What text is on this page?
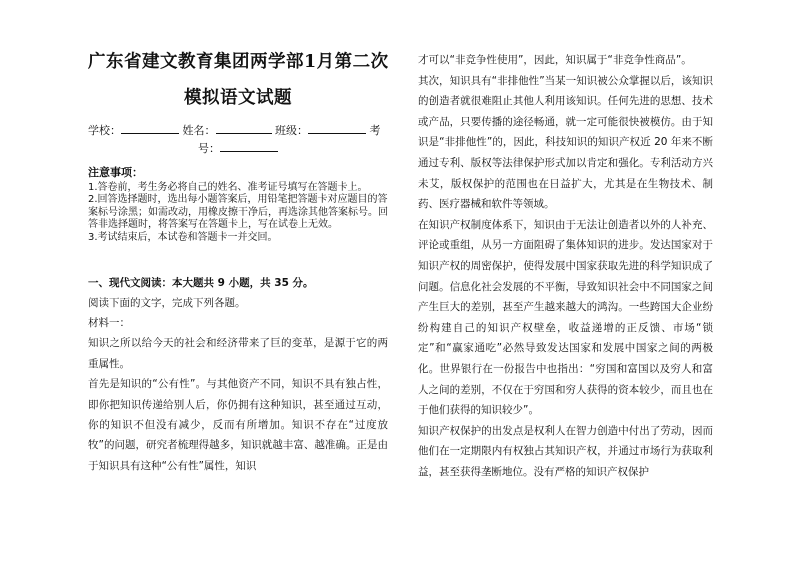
广东省建文教育集团两学部1月第二次
模拟语文试题
学校：	姓名：	班级：	考
号：
注意事项：

1.答卷前，考生务必将自己的姓名、准考证号填写在答题卡上。

2.回答选择题时，选出每小题答案后，用铅笔把答题卡对应题目的答案标号涂黑；如需改动，用橡皮擦干净后，再选涂其他答案标号。回答非选择题时，将答案写在答题卡上，写在试卷上无效。

3.考试结束后，本试卷和答题卡一并交回。

一、现代文阅读：本大题共 9 小题，共 35 分。

阅读下面的文字，完成下列各题。

材料一：

知识之所以给今天的社会和经济带来了巨的变革，是源于它的两重属性。

首先是知识的“公有性”。与其他资产不同，知识不具有独占性，即你把知识传递给别人后，你仍拥有这种知识，甚至通过互动，你的知识不但没有减少，反而有所增加。知识不存在“过度放牧”的问题，研究者梳理得越多，知识就越丰富、越准确。正是由于知识具有这种“公有性”属性，知识

才可以“非竞争性使用”，因此，知识属于“非竞争性商品”。

其次，知识具有“非排他性”当某一知识被公众掌握以后，该知识的创造者就很难阻止其他人利用该知识。任何先进的思想、技术或产品，只要传播的途径畅通，就一定可能很快被模仿。由于知识是“非排他性”的，因此，科技知识的知识产权近 20 年来不断通过专利、版权等法律保护形式加以肯定和强化。专利活动方兴未艾，版权保护的范围也在日益扩大，尤其是在生物技术、制药、医疗器械和软件等领域。

在知识产权制度体系下，知识由于无法让创造者以外的人补充、评论或重组，从另一方面阻碍了集体知识的进步。发达国家对于知识产权的周密保护，使得发展中国家获取先进的科学知识成了问题。信息化社会发展的不平衡，导致知识社会中不同国家之间产生巨大的差别，甚至产生越来越大的鸿沟。一些跨国大企业纷纷构建自己的知识产权壁垒，收益递增的正反馈、市场“锁定”和“赢家通吃”必然导致发达国家和发展中国家之间的两极化。世界银行在一份报告中也指出：“穷国和富国以及穷人和富人之间的差别，不仅在于穷国和穷人获得的资本较少，而且也在于他们获得的知识较少”。

知识产权保护的出发点是权利人在智力创造中付出了劳动，因而他们在一定期限内有权独占其知识产权，并通过市场行为获取利益，甚至获得垄断地位。没有严格的知识产权保护
